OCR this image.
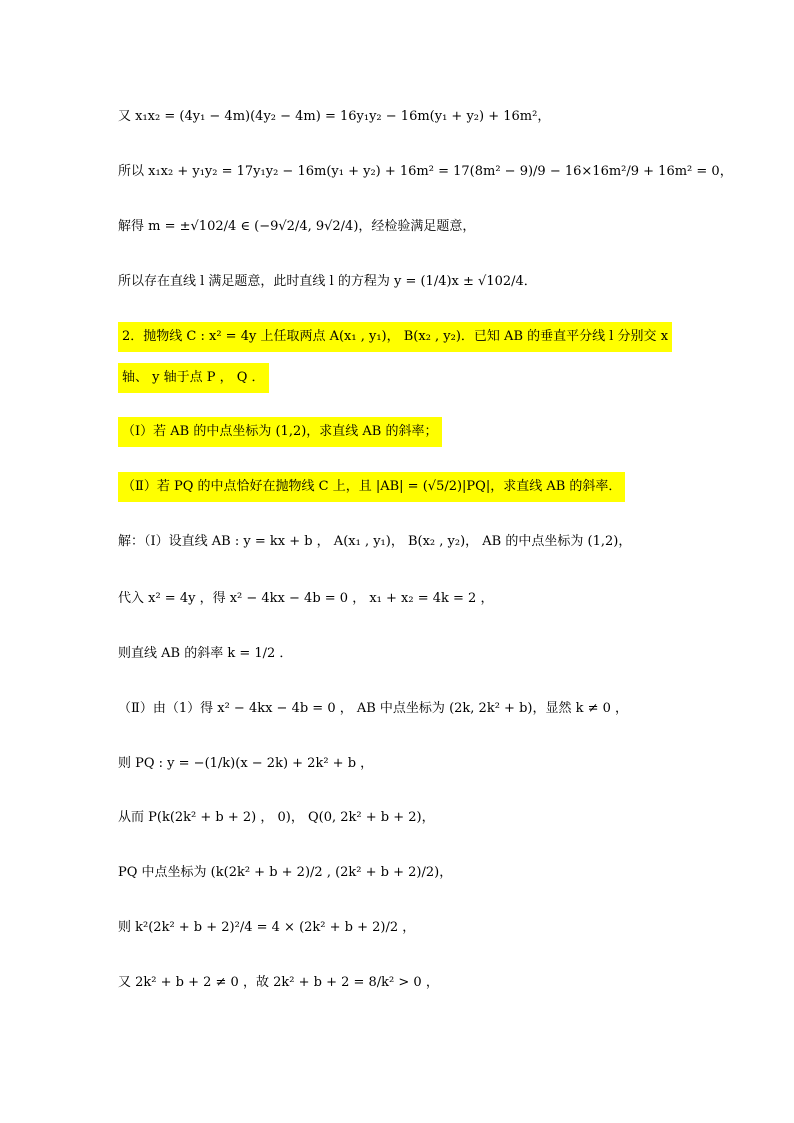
又 x₁x₂ = (4y₁ − 4m)(4y₂ − 4m) = 16y₁y₂ − 16m(y₁ + y₂) + 16m²，
所以 x₁x₂ + y₁y₂ = 17y₁y₂ − 16m(y₁ + y₂) + 16m² = 17(8m² − 9)/9 − 16×16m²/9 + 16m² = 0，
解得 m = ±√102/4 ∈ (−9√2/4, 9√2/4)，经检验满足题意，
所以存在直线 l 满足题意，此时直线 l 的方程为 y = (1/4)x ± √102/4．
2．抛物线 C : x² = 4y 上任取两点 A(x₁ , y₁)， B(x₂ , y₂)．已知 AB 的垂直平分线 l 分别交 x
轴、 y 轴于点 P ， Q ．
（Ⅰ）若 AB 的中点坐标为 (1,2)，求直线 AB 的斜率；
（Ⅱ）若 PQ 的中点恰好在抛物线 C 上，且 |AB| = (√5/2)|PQ|，求直线 AB 的斜率．
解：（Ⅰ）设直线 AB : y = kx + b ， A(x₁ , y₁)， B(x₂ , y₂)， AB 的中点坐标为 (1,2)，
代入 x² = 4y ，得 x² − 4kx − 4b = 0 ， x₁ + x₂ = 4k = 2 ，
则直线 AB 的斜率 k = 1/2 ．
（Ⅱ）由（1）得 x² − 4kx − 4b = 0 ， AB 中点坐标为 (2k, 2k² + b)，显然 k ≠ 0 ，
则 PQ : y = −(1/k)(x − 2k) + 2k² + b ，
从而 P(k(2k² + b + 2) ， 0)， Q(0, 2k² + b + 2)，
PQ 中点坐标为 (k(2k² + b + 2)/2 , (2k² + b + 2)/2)，
则 k²(2k² + b + 2)²/4 = 4 × (2k² + b + 2)/2 ，
又 2k² + b + 2 ≠ 0 ，故 2k² + b + 2 = 8/k² > 0 ，
